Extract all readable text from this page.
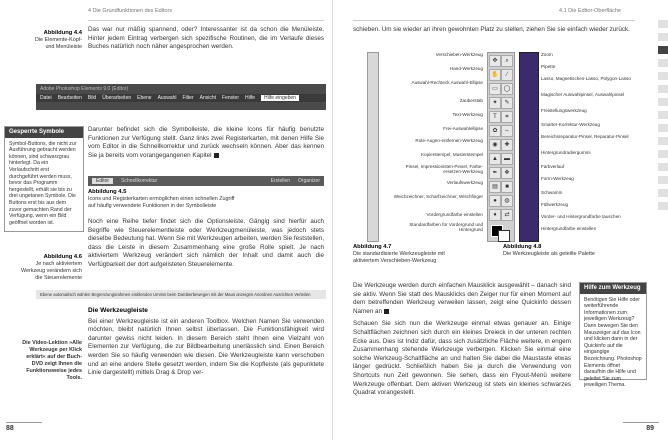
4 Die Grundfunktionen des Editors
Abbildung 4.4
Die Elemente-Kopf- und Menüleiste

Das war nur mäßig spannend, oder? Interessanter ist da schon die Menüleiste. Hinter jedem Eintrag verbergen sich spezifische Routinen, die im Verlaufe dieses Buches natürlich noch näher angesprochen werden.

Adobe Photoshop Elements 9.0 (Editor)
Datei Bearbeiten Bild Überarbeiten Ebene Auswahl Filter Ansicht Fenster Hilfe	Hilfe eingeben
Gesperrte Symbole
Symbol-Buttons, die nicht zur Ausführung gebracht werden können, sind schwarzgrau hinterlegt. Da ein Verlaufschritt erst durchgeführt werden muss, bevor das Programm hergestellt, erhält sie bis zu drei ungetanen Symbole. Die Buttons erst bis aus dem zuvor gemachten Rand der Verfügung, wenn ein Bild geöffnet worden ist.

Darunter befindet sich die Symbolleiste, die kleine Icons für häufig benutzte Funktionen zur Verfügung stellt. Ganz links zwei Registerkarten, mit denen Hilfe Sie vom Editor in die Schnellkorrektur und zurück wechseln können. Aber das kennen Sie ja bereits vom vorangegangenen Kapitel

Editor	Schnellkorrektur	Erstellen Organizer
Abbildung 4.5
Icons und Registerkarten ermöglichen einen schnellen Zugriff auf häufig verwendete Funktionen in der Symbolleiste

Noch eine Reihe tiefer findet sich die Optionsleiste. Gängig sind hierfür auch Begriffe wie Steuerelementleiste oder Werkzeugmenüleiste, was jedoch stets dieselbe Bedeutung hat. Wenn Sie mit Werkzeugen arbeiten, werden Sie feststellen, dass die Leiste in diesem Zusammenhang eine große Rolle spielt. Je nach aktiviertem Werkzeug verändert sich nämlich der Inhalt und damit auch die Verfügbarkeit der dort aufgelisteten Steuerelemente.

Abbildung 4.6
Je nach aktiviertem Werkzeug verändern sich die Steuerelemente
Ebene automatisch wählen Begrenzungsrahmen einblenden Umriss beim Darüberbewegen mit der Maus anzeigen Anordnen Ausrichten Verteilen
Die Werkzeugleiste

Bei einer Werkzeugleiste ist ein anderen Toolbox. Welchen Namen Sie verwenden möchten, bleibt natürlich Ihnen selbst überlassen. Die Funktionsfähigkeit wird darunter gewiss nicht leiden. In diesem Bereich steht Ihnen eine Vielzahl von Elementen zur Verfügung, die zur Bildbearbeitung unerlässlich sind. Einen Bereich werden Sie so häufig verwenden wie diesen. Die Werkzeugleiste kann verschoben und an eine andere Stelle gesetzt werden, indem Sie die Kopfleiste (als gepunktete Linie dargestellt) mittels Drag & Drop ver-

Die Video-Lektion »Alle Werkzeuge per Klick erklärt« auf der Buch-DVD zeigt Ihnen die Funktionsweise jedes Tools.
88
4.1 Die Editor-Oberfläche

schieben. Um sie wieder an ihren gewohnten Platz zu stellen, ziehen Sie sie einfach wieder zurück.

Verschieben-Werkzeug
Hand-Werkzeug
Auswahl-Rechteck Auswahl-Ellipse
Zauberstab
Text-Werkzeug
Frei-Auswahlellipse
Rote-Augen-entfernen-Werkzeug
Kopierstempel, Musterstempel
Pinsel, Impressionisten-Pinsel, Farbe-ersetzen-Werkzeug
Verlaufswerkzeug
Weichzeichner, Scharfzeichner, Wischfinger
Vordergrundfarbe einstellen
Standardfarben für Vordergrund und Hintergrund
✥	⌕
✋	⁄
▭ ◯
✦	✎
T	⌗
✿	⇔
◉	✚
▲	▬
✒	❖
▤	■
●	◍
♦	⇄
Zoom
Pipette
Lasso, Magnetisches-Lasso, Polygon-Lasso
Magischer Auswahlpinsel, Auswahlpinsel
Freistellungswerkzeug
Smarter-Korrektur-Werkzeug
Bereichsreparatur-Pinsel, Reparatur-Pinsel
Hintergrundradiergummi
Farbverlauf
Form-Werkzeug
Schwamm
Füllwerkzeug
Vorder- und Hintergrundfarbe tauschen
Hintergrundfarbe einstellen
Abbildung 4.7
Die standardisierte Werkzeugleiste mit aktiviertem Verschieben-Werkzeug
Abbildung 4.8
Die Werkzeugleiste als geteilte Palette

Die Werkzeuge werden durch einfachen Mausklick ausgewählt – danach sind sie aktiv. Wenn Sie statt des Mausklicks den Zeiger nur für einen Moment auf dem betreffenden Werkzeug verweilen lassen, zeigt eine Quickinfo dessen Namen an

Schauen Sie sich nun die Werkzeuge einmal etwas genauer an. Einige Schaltflächen zeichnen sich durch ein kleines Dreieck in der unteren rechten Ecke aus. Dies ist Indiz dafür, dass sich zusätzliche Fläche weitere, in engem Zusammenhang stehende Werkzeuge verbergen. Klicken Sie einmal eine solche Werkzeug-Schaltfläche an und halten Sie dabei die Maustaste etwas länger gedrückt. Schließlich haben Sie ja durch die Verwendung von Shortcuts nun Zeit gewonnen. Sie sehen, dass ein Flyout-Menü weitere Werkzeuge offenbart. Dem aktiven Werkzeug ist stets ein kleines schwarzes Quadrat vorangestellt.

Hilfe zum Werkzeug
Benötigen Sie Hilfe oder weiterführende Informationen zum jeweiligen Werkzeug? Dann bewegen Sie den Mauszeiger auf das Icon und klicken dann in der Quickinfo auf die eingangige Bezeichnung. Photoshop Elements öffnet daraufhin die Hilfe und geleitet Sie zum jeweiligen Thema.
89
